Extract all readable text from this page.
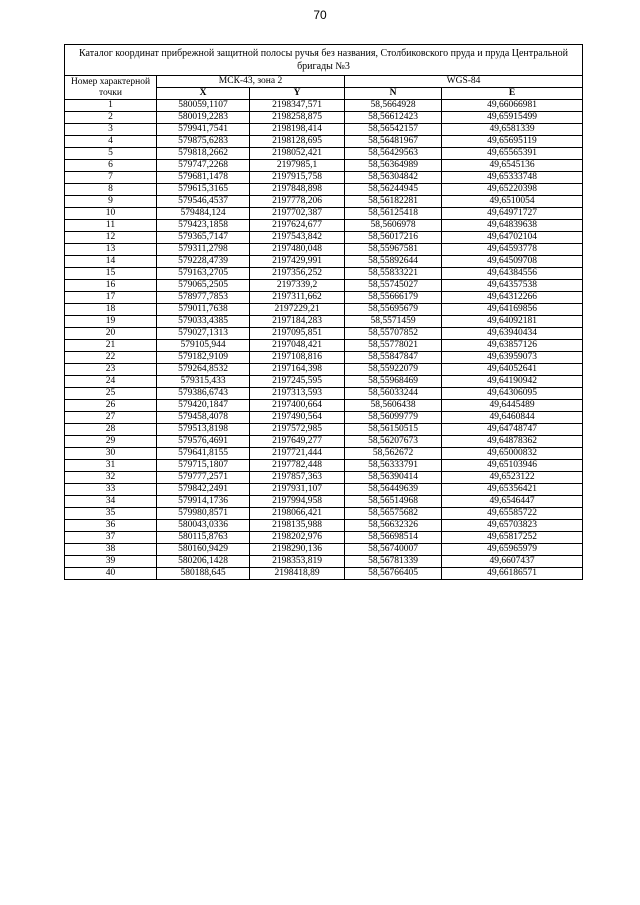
70
Каталог координат прибрежной защитной полосы ручья без названия, Столбиковского пруда и пруда Центральной бригады №3				
Номер характерной точки	МСК-43, зона 2		WGS-84	
	X	Y	N	E
1	580059,1107	2198347,571	58,5664928	49,66066981
2	580019,2283	2198258,875	58,56612423	49,65915499
3	579941,7541	2198198,414	58,56542157	49,6581339
4	579875,6283	2198128,695	58,56481967	49,65695119
5	579818,2662	2198052,421	58,56429563	49,65565391
6	579747,2268	2197985,1	58,56364989	49,6545136
7	579681,1478	2197915,758	58,56304842	49,65333748
8	579615,3165	2197848,898	58,56244945	49,65220398
9	579546,4537	2197778,206	58,56182281	49,6510054
10	579484,124	2197702,387	58,56125418	49,64971727
11	579423,1858	2197624,677	58,5606978	49,64839638
12	579365,7147	2197543,842	58,56017216	49,64702104
13	579311,2798	2197480,048	58,55967581	49,64593778
14	579228,4739	2197429,991	58,55892644	49,64509708
15	579163,2705	2197356,252	58,55833221	49,64384556
16	579065,2505	2197339,2	58,55745027	49,64357538
17	578977,7853	2197311,662	58,55666179	49,64312266
18	579011,7638	2197229,21	58,55695679	49,64169856
19	579033,4385	2197184,283	58,5571459	49,64092181
20	579027,1313	2197095,851	58,55707852	49,63940434
21	579105,944	2197048,421	58,55778021	49,63857126
22	579182,9109	2197108,816	58,55847847	49,63959073
23	579264,8532	2197164,398	58,55922079	49,64052641
24	579315,433	2197245,595	58,55968469	49,64190942
25	579386,6743	2197313,593	58,56033244	49,64306095
26	579420,1847	2197400,664	58,5606438	49,6445489
27	579458,4078	2197490,564	58,56099779	49,6460844
28	579513,8198	2197572,985	58,56150515	49,64748747
29	579576,4691	2197649,277	58,56207673	49,64878362
30	579641,8155	2197721,444	58,562672	49,65000832
31	579715,1807	2197782,448	58,56333791	49,65103946
32	579777,2571	2197857,363	58,56390414	49,6523122
33	579842,2491	2197931,107	58,56449639	49,65356421
34	579914,1736	2197994,958	58,56514968	49,6546447
35	579980,8571	2198066,421	58,56575682	49,65585722
36	580043,0336	2198135,988	58,56632326	49,65703823
37	580115,8763	2198202,976	58,56698514	49,65817252
38	580160,9429	2198290,136	58,56740007	49,65965979
39	580206,1428	2198353,819	58,56781339	49,6607437
40	580188,645	2198418,89	58,56766405	49,66186571
